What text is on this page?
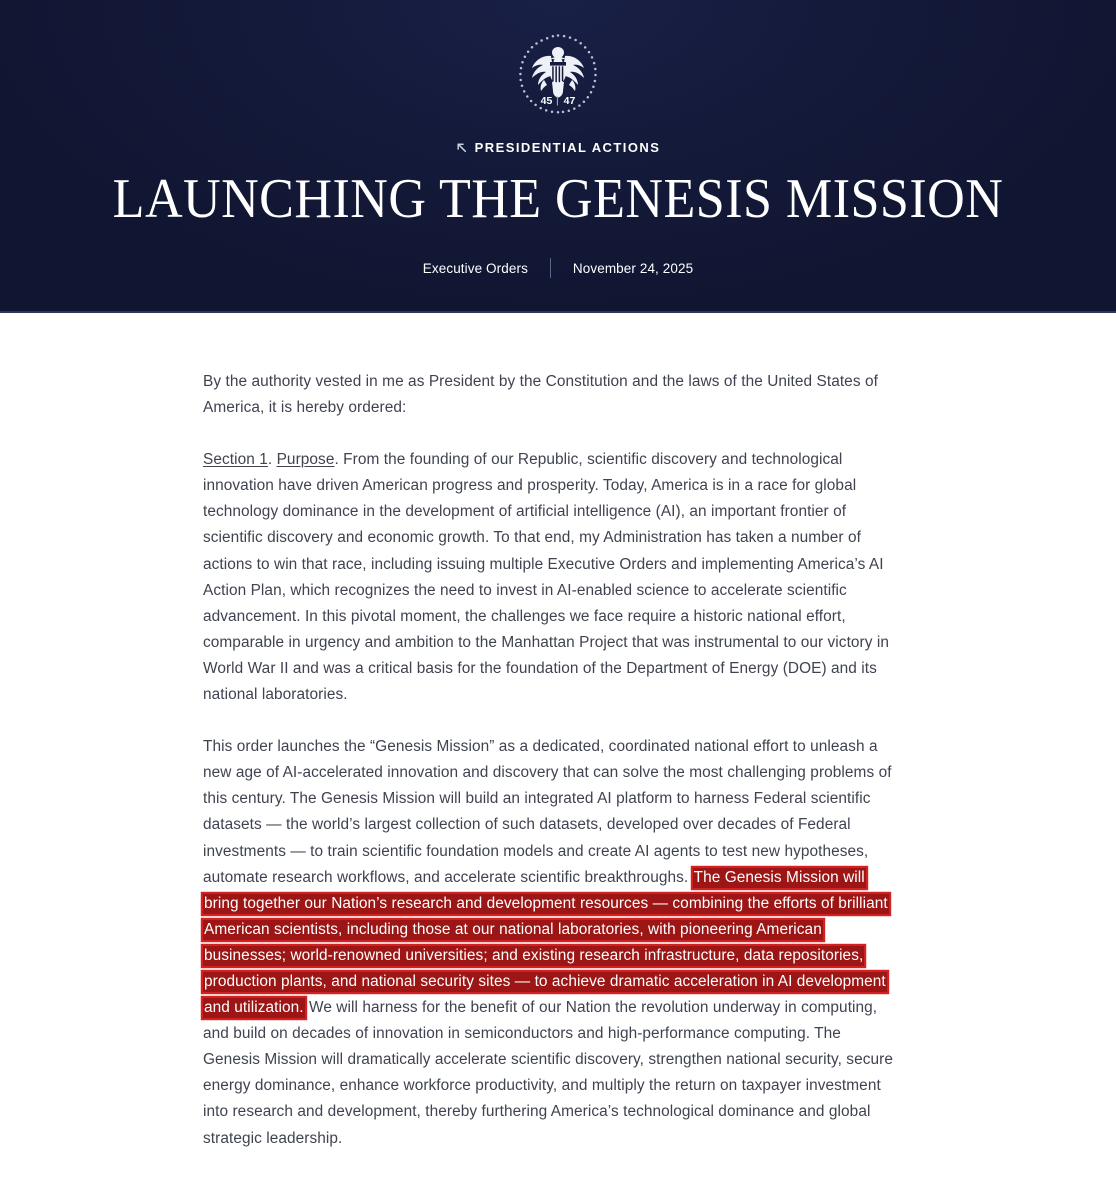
45 47
PRESIDENTIAL ACTIONS
LAUNCHING THE GENESIS MISSION
Executive Orders	November 24, 2025

By the authority vested in me as President by the Constitution and the laws of the United States of America, it is hereby ordered:

Section 1. Purpose. From the founding of our Republic, scientific discovery and technological innovation have driven American progress and prosperity. Today, America is in a race for global technology dominance in the development of artificial intelligence (AI), an important frontier of scientific discovery and economic growth. To that end, my Administration has taken a number of actions to win that race, including issuing multiple Executive Orders and implementing America’s AI Action Plan, which recognizes the need to invest in AI-enabled science to accelerate scientific advancement. In this pivotal moment, the challenges we face require a historic national effort, comparable in urgency and ambition to the Manhattan Project that was instrumental to our victory in World War II and was a critical basis for the foundation of the Department of Energy (DOE) and its national laboratories.

This order launches the “Genesis Mission” as a dedicated, coordinated national effort to unleash a new age of AI-accelerated innovation and discovery that can solve the most challenging problems of this century. The Genesis Mission will build an integrated AI platform to harness Federal scientific datasets — the world’s largest collection of such datasets, developed over decades of Federal investments — to train scientific foundation models and create AI agents to test new hypotheses, automate research workflows, and accelerate scientific breakthroughs. The Genesis Mission will bring together our Nation’s research and development resources — combining the efforts of brilliant American scientists, including those at our national laboratories, with pioneering American businesses; world-renowned universities; and existing research infrastructure, data repositories, production plants, and national security sites — to achieve dramatic acceleration in AI development and utilization. We will harness for the benefit of our Nation the revolution underway in computing, and build on decades of innovation in semiconductors and high-performance computing. The Genesis Mission will dramatically accelerate scientific discovery, strengthen national security, secure energy dominance, enhance workforce productivity, and multiply the return on taxpayer investment into research and development, thereby furthering America’s technological dominance and global strategic leadership.
